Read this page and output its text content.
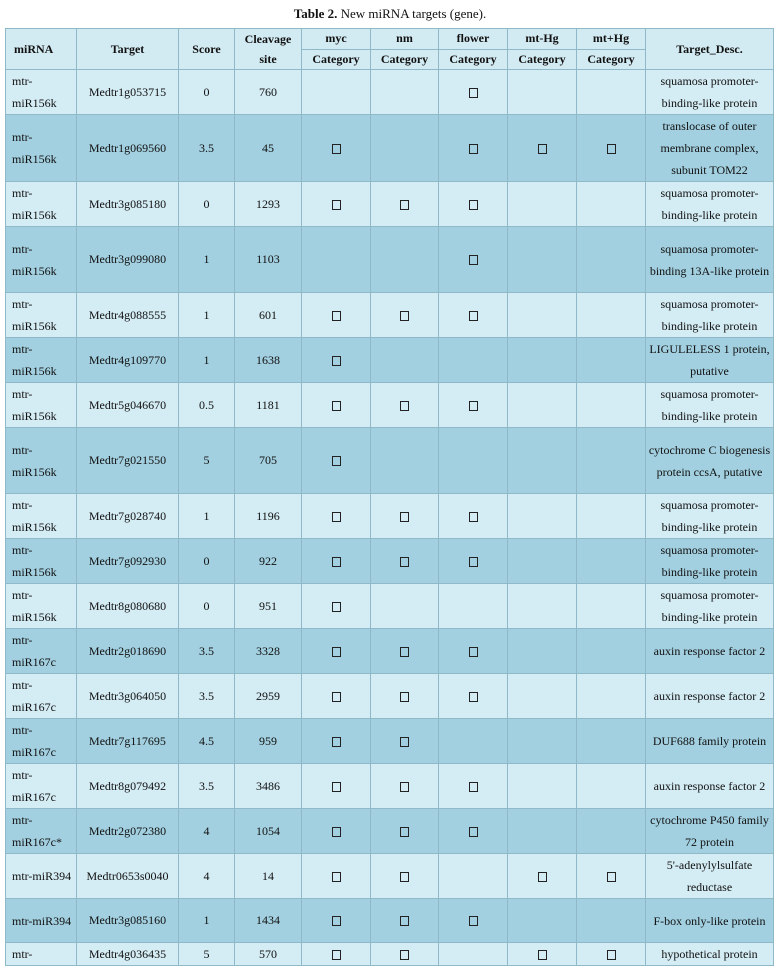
Table 2. New miRNA targets (gene).
miRNA	Target	Score	Cleavage site	myc	nm	flower	mt-Hg	mt+Hg	Target_Desc.
				Category	Category	Category	Category	Category	
mtr-miR156k	Medtr1g053715	0	760						squamosa promoter-binding-like protein
mtr-miR156k	Medtr1g069560	3.5	45						translocase of outer membrane complex, subunit TOM22
mtr-miR156k	Medtr3g085180	0	1293						squamosa promoter-binding-like protein
mtr-miR156k	Medtr3g099080	1	1103						squamosa promoter-binding 13A-like protein
mtr-miR156k	Medtr4g088555	1	601						squamosa promoter-binding-like protein
mtr-miR156k	Medtr4g109770	1	1638						LIGULELESS 1 protein, putative
mtr-miR156k	Medtr5g046670	0.5	1181						squamosa promoter-binding-like protein
mtr-miR156k	Medtr7g021550	5	705						cytochrome C biogenesis protein ccsA, putative
mtr-miR156k	Medtr7g028740	1	1196						squamosa promoter-binding-like protein
mtr-miR156k	Medtr7g092930	0	922						squamosa promoter-binding-like protein
mtr-miR156k	Medtr8g080680	0	951						squamosa promoter-binding-like protein
mtr-miR167c	Medtr2g018690	3.5	3328						auxin response factor 2
mtr-miR167c	Medtr3g064050	3.5	2959						auxin response factor 2
mtr-miR167c	Medtr7g117695	4.5	959						DUF688 family protein
mtr-miR167c	Medtr8g079492	3.5	3486						auxin response factor 2
mtr-miR167c*	Medtr2g072380	4	1054						cytochrome P450 family 72 protein
mtr-miR394	Medtr0653s0040	4	14						5'-adenylylsulfate reductase
mtr-miR394	Medtr3g085160	1	1434						F-box only-like protein
mtr-	Medtr4g036435	5	570						hypothetical protein
